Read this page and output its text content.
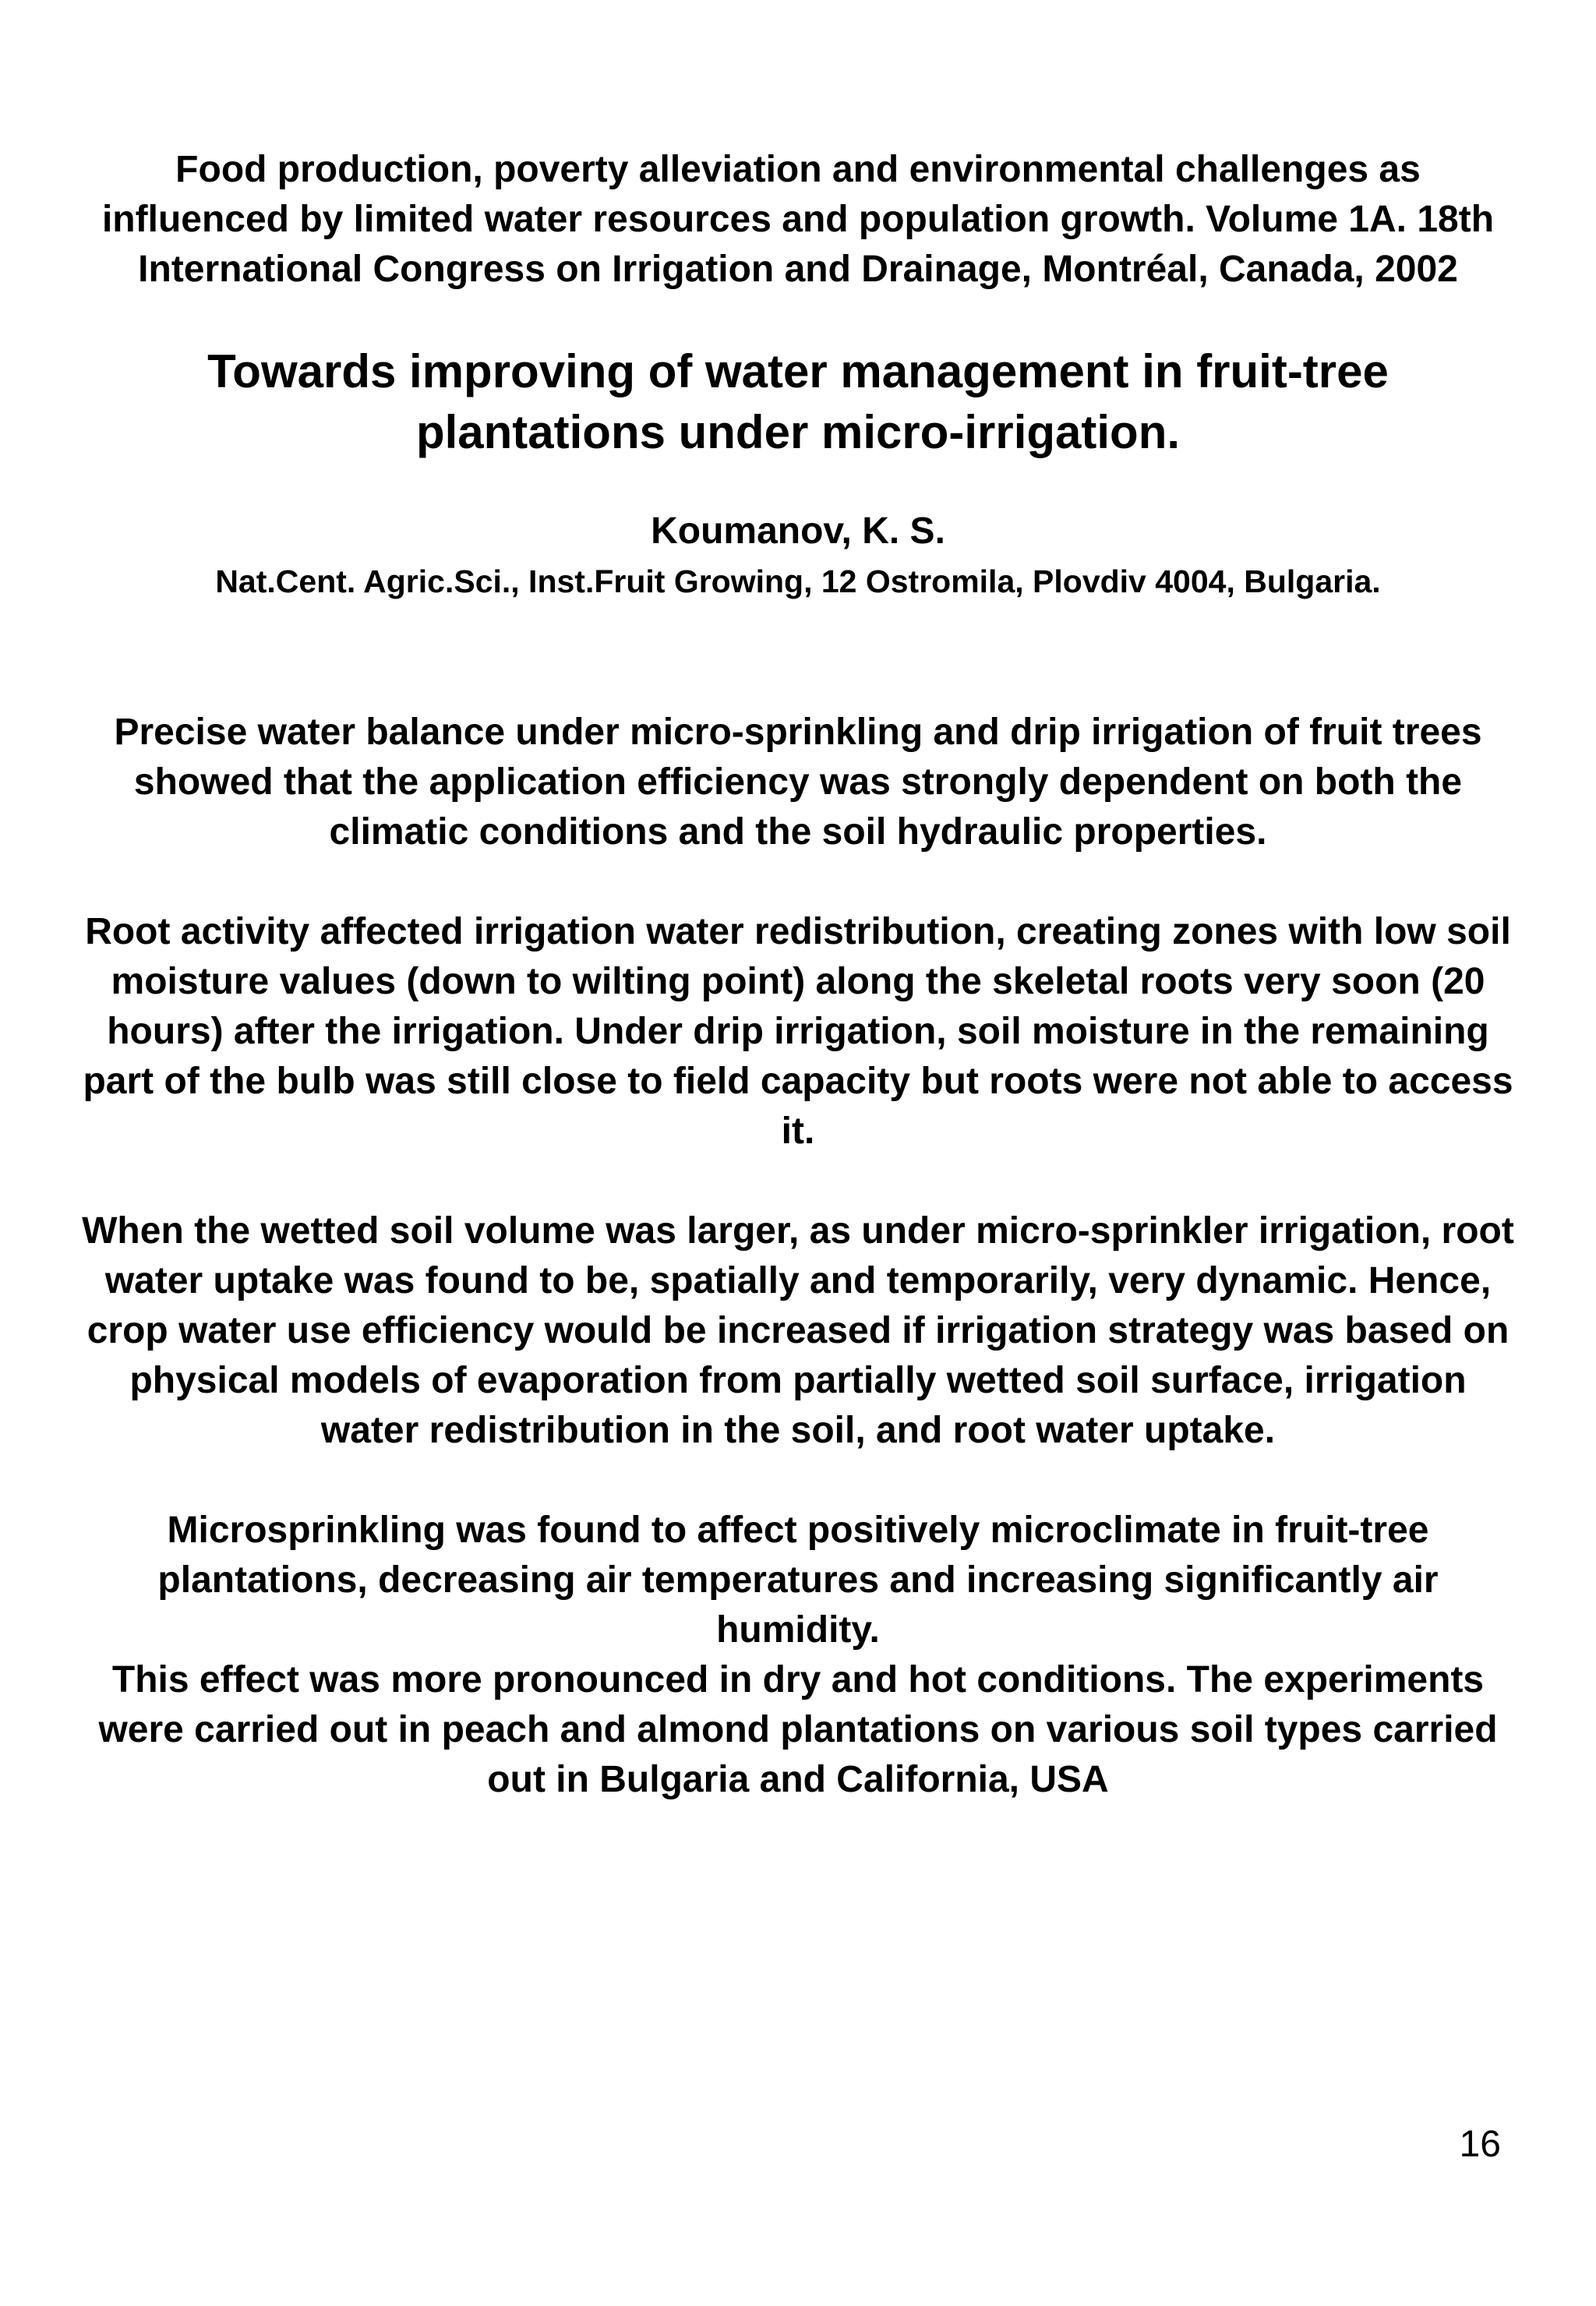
Food production, poverty alleviation and environmental challenges as influenced by limited water resources and population growth. Volume 1A. 18th International Congress on Irrigation and Drainage, Montréal, Canada, 2002
Towards improving of water management in fruit-tree plantations under micro-irrigation.
Koumanov, K. S.
Nat.Cent. Agric.Sci., Inst.Fruit Growing, 12 Ostromila, Plovdiv 4004, Bulgaria.

Precise water balance under micro-sprinkling and drip irrigation of fruit trees showed that the application efficiency was strongly dependent on both the climatic conditions and the soil hydraulic properties.

Root activity affected irrigation water redistribution, creating zones with low soil moisture values (down to wilting point) along the skeletal roots very soon (20 hours) after the irrigation. Under drip irrigation, soil moisture in the remaining part of the bulb was still close to field capacity but roots were not able to access it.

When the wetted soil volume was larger, as under micro-sprinkler irrigation, root water uptake was found to be, spatially and temporarily, very dynamic. Hence, crop water use efficiency would be increased if irrigation strategy was based on physical models of evaporation from partially wetted soil surface, irrigation water redistribution in the soil, and root water uptake.

Microsprinkling was found to affect positively microclimate in fruit-tree plantations, decreasing air temperatures and increasing significantly air humidity.

This effect was more pronounced in dry and hot conditions. The experiments were carried out in peach and almond plantations on various soil types carried out in Bulgaria and California, USA

16
